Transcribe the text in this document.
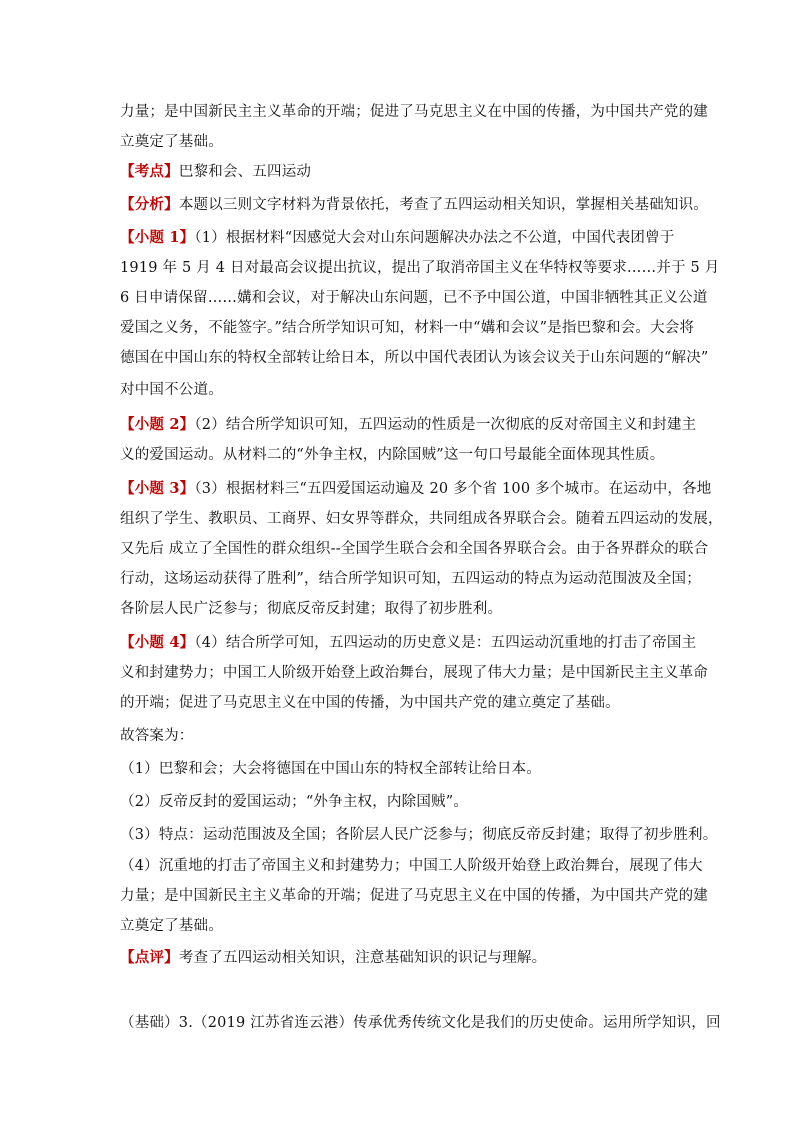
力量；是中国新民主主义革命的开端；促进了马克思主义在中国的传播，为中国共产党的建
立奠定了基础。
【考点】巴黎和会、五四运动
【分析】本题以三则文字材料为背景依托，考查了五四运动相关知识，掌握相关基础知识。
【小题 1】（1）根据材料“因感觉大会对山东问题解决办法之不公道，中国代表团曾于
1919 年 5 月 4 日对最高会议提出抗议，提出了取消帝国主义在华特权等要求……并于 5 月
6 日申请保留……媾和会议，对于解决山东问题，已不予中国公道，中国非牺牲其正义公道
爱国之义务，不能签字。”结合所学知识可知，材料一中“媾和会议”是指巴黎和会。大会将
德国在中国山东的特权全部转让给日本，所以中国代表团认为该会议关于山东问题的“解决”
对中国不公道。
【小题 2】（2）结合所学知识可知，五四运动的性质是一次彻底的反对帝国主义和封建主
义的爱国运动。从材料二的“外争主权，内除国贼”这一句口号最能全面体现其性质。
【小题 3】（3）根据材料三“五四爱国运动遍及 20 多个省 100 多个城市。在运动中，各地
组织了学生、教职员、工商界、妇女界等群众，共同组成各界联合会。随着五四运动的发展，
又先后 成立了全国性的群众组织--全国学生联合会和全国各界联合会。由于各界群众的联合
行动，这场运动获得了胜利”，结合所学知识可知，五四运动的特点为运动范围波及全国；
各阶层人民广泛参与；彻底反帝反封建；取得了初步胜利。
【小题 4】（4）结合所学可知，五四运动的历史意义是：五四运动沉重地的打击了帝国主
义和封建势力；中国工人阶级开始登上政治舞台，展现了伟大力量；是中国新民主主义革命
的开端；促进了马克思主义在中国的传播，为中国共产党的建立奠定了基础。
故答案为：
（1）巴黎和会；大会将德国在中国山东的特权全部转让给日本。
（2）反帝反封的爱国运动；“外争主权，内除国贼”。
（3）特点：运动范围波及全国；各阶层人民广泛参与；彻底反帝反封建；取得了初步胜利。
（4）沉重地的打击了帝国主义和封建势力；中国工人阶级开始登上政治舞台，展现了伟大
力量；是中国新民主主义革命的开端；促进了马克思主义在中国的传播，为中国共产党的建
立奠定了基础。
【点评】考查了五四运动相关知识，注意基础知识的识记与理解。
（基础）3.（2019 江苏省连云港）传承优秀传统文化是我们的历史使命。运用所学知识，回
